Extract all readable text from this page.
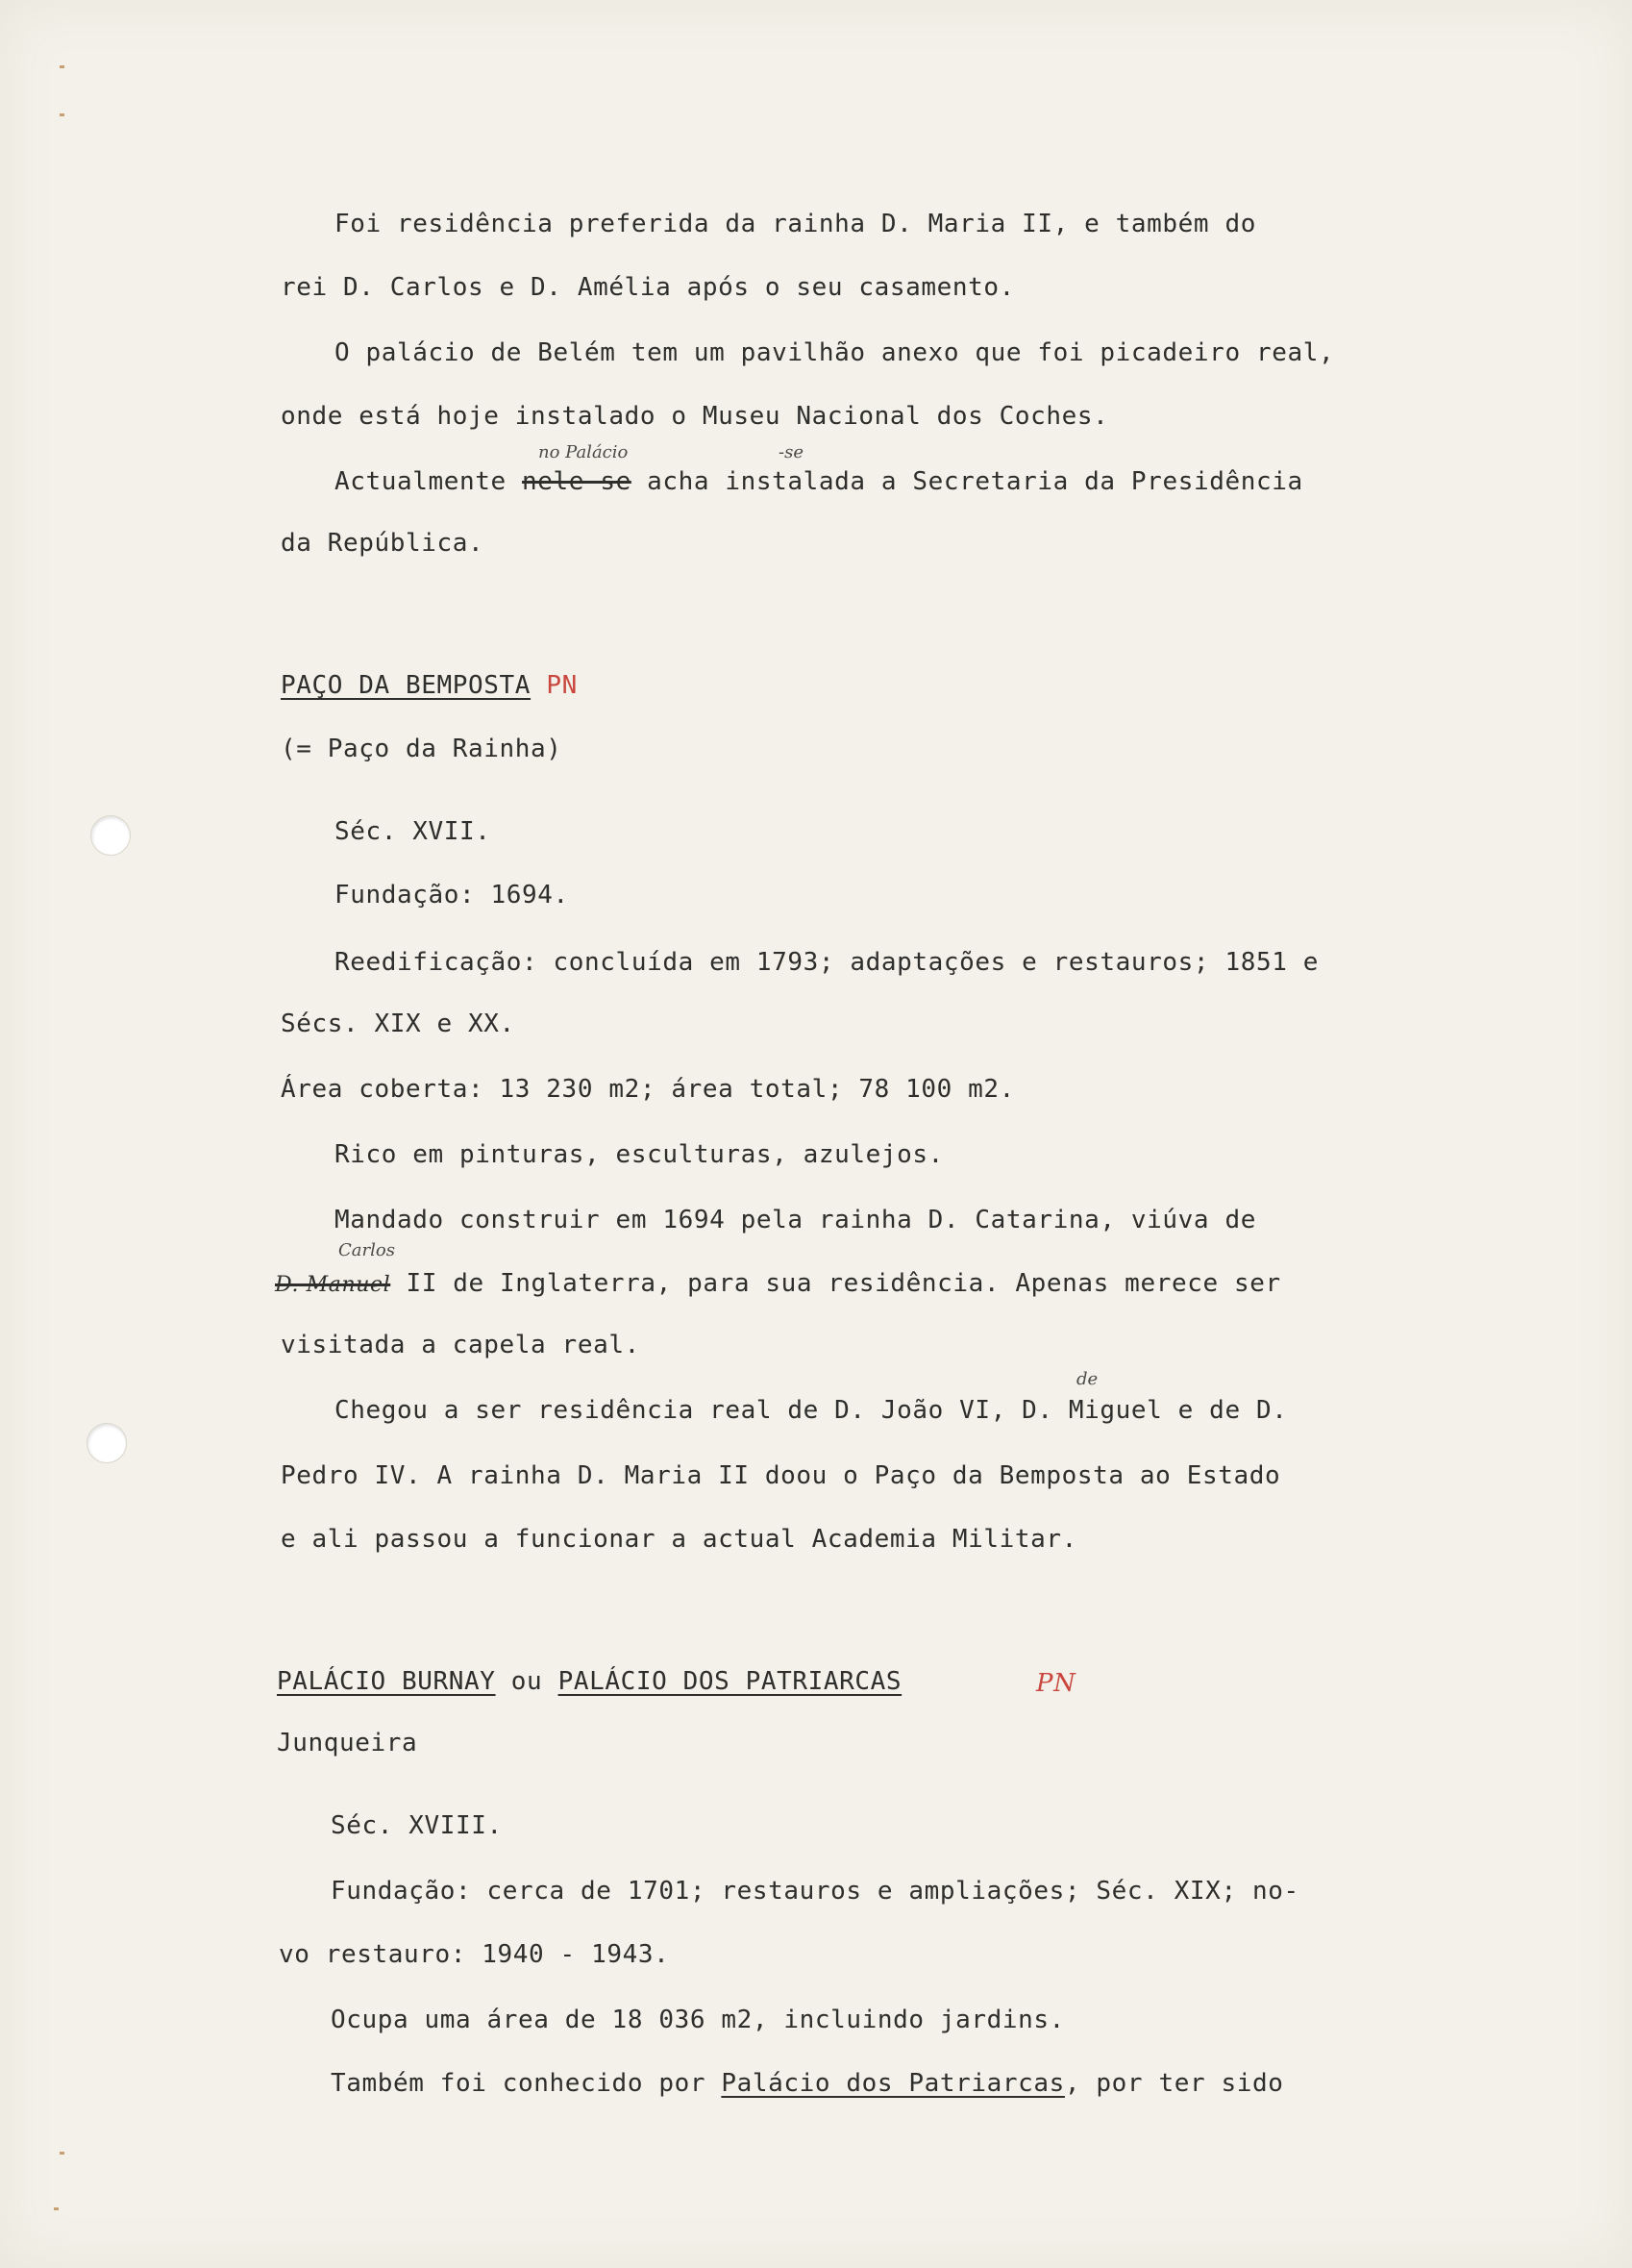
Foi residência preferida da rainha D. Maria II, e também do
rei D. Carlos e D. Amélia após o seu casamento.
O palácio de Belém tem um pavilhão anexo que foi picadeiro real,
onde está hoje instalado o Museu Nacional dos Coches.
no Palácio	-se
Actualmente nele se acha instalada a Secretaria da Presidência
da República.
PAÇO DA BEMPOSTA PN
(= Paço da Rainha)
Séc. XVII.
Fundação: 1694.
Reedificação: concluída em 1793; adaptações e restauros; 1851 e
Sécs. XIX e XX.
Área coberta: 13 230 m2; área total; 78 100 m2.
Rico em pinturas, esculturas, azulejos.
Mandado construir em 1694 pela rainha D. Catarina, viúva de
Carlos
D. Manuel II de Inglaterra, para sua residência. Apenas merece ser
visitada a capela real.
de
Chegou a ser residência real de D. João VI, D. Miguel e de D.
Pedro IV. A rainha D. Maria II doou o Paço da Bemposta ao Estado
e ali passou a funcionar a actual Academia Militar.
PALÁCIO BURNAY ou PALÁCIO DOS PATRIARCAS	PN
Junqueira
Séc. XVIII.
Fundação: cerca de 1701; restauros e ampliações; Séc. XIX; no-
vo restauro: 1940 - 1943.
Ocupa uma área de 18 036 m2, incluindo jardins.
Também foi conhecido por Palácio dos Patriarcas, por ter sido
